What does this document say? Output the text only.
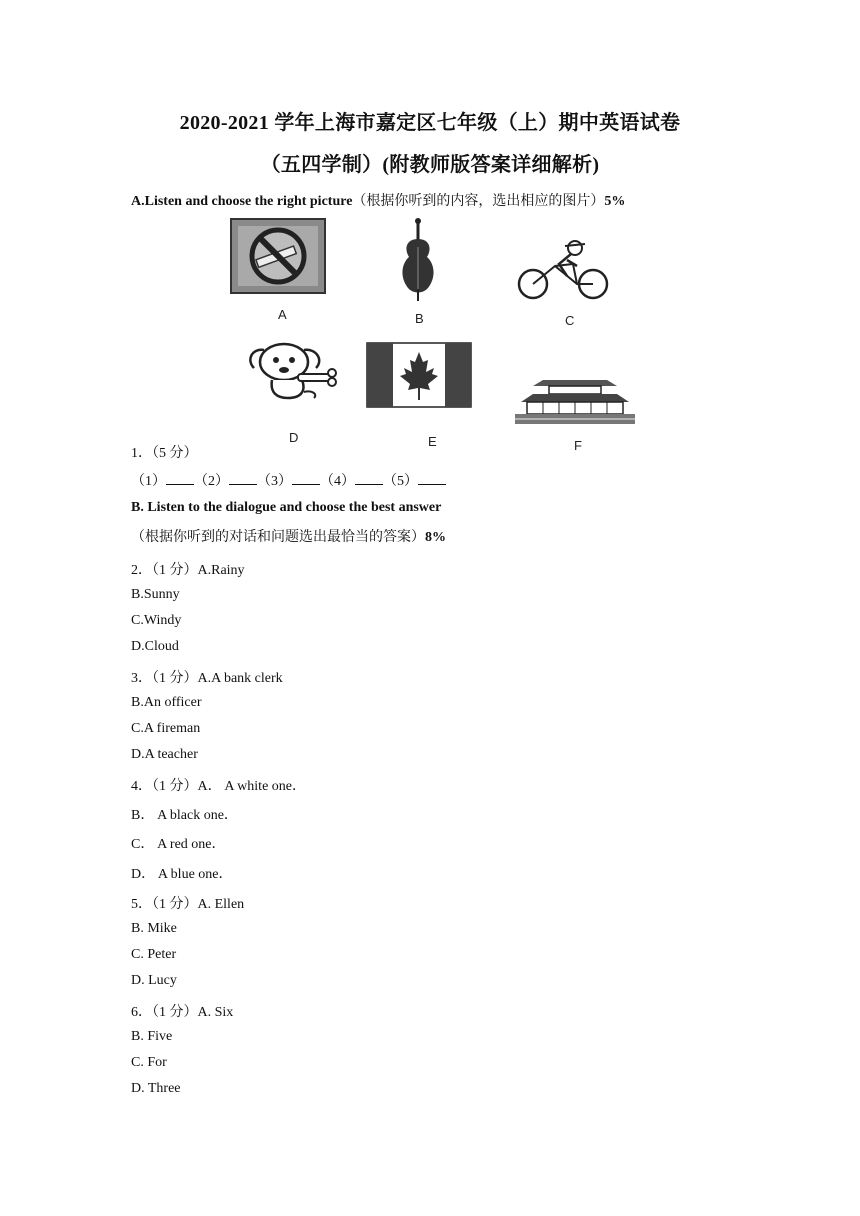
2020-2021 学年上海市嘉定区七年级（上）期中英语试卷
（五四学制）(附教师版答案详细解析)
A.Listen and choose the right picture（根据你听到的内容，选出相应的图片）5%
A	B	C
D	E	F
1．（5 分）
（1） （2） （3） （4） （5）
B. Listen to the dialogue and choose the best answer（根据你听到的对话和问题选出最恰当的答案）8%
2．（1 分）A.Rainy
B.Sunny
C.Windy
D.Cloud
3．（1 分）A.A bank clerk
B.An officer
C.A fireman
D.A teacher
4．（1 分）A． A white one．
B． A black one．
C． A red one．
D． A blue one．
5．（1 分）A. Ellen
B. Mike
C. Peter
D. Lucy
6．（1 分）A. Six
B. Five
C. For
D. Three
